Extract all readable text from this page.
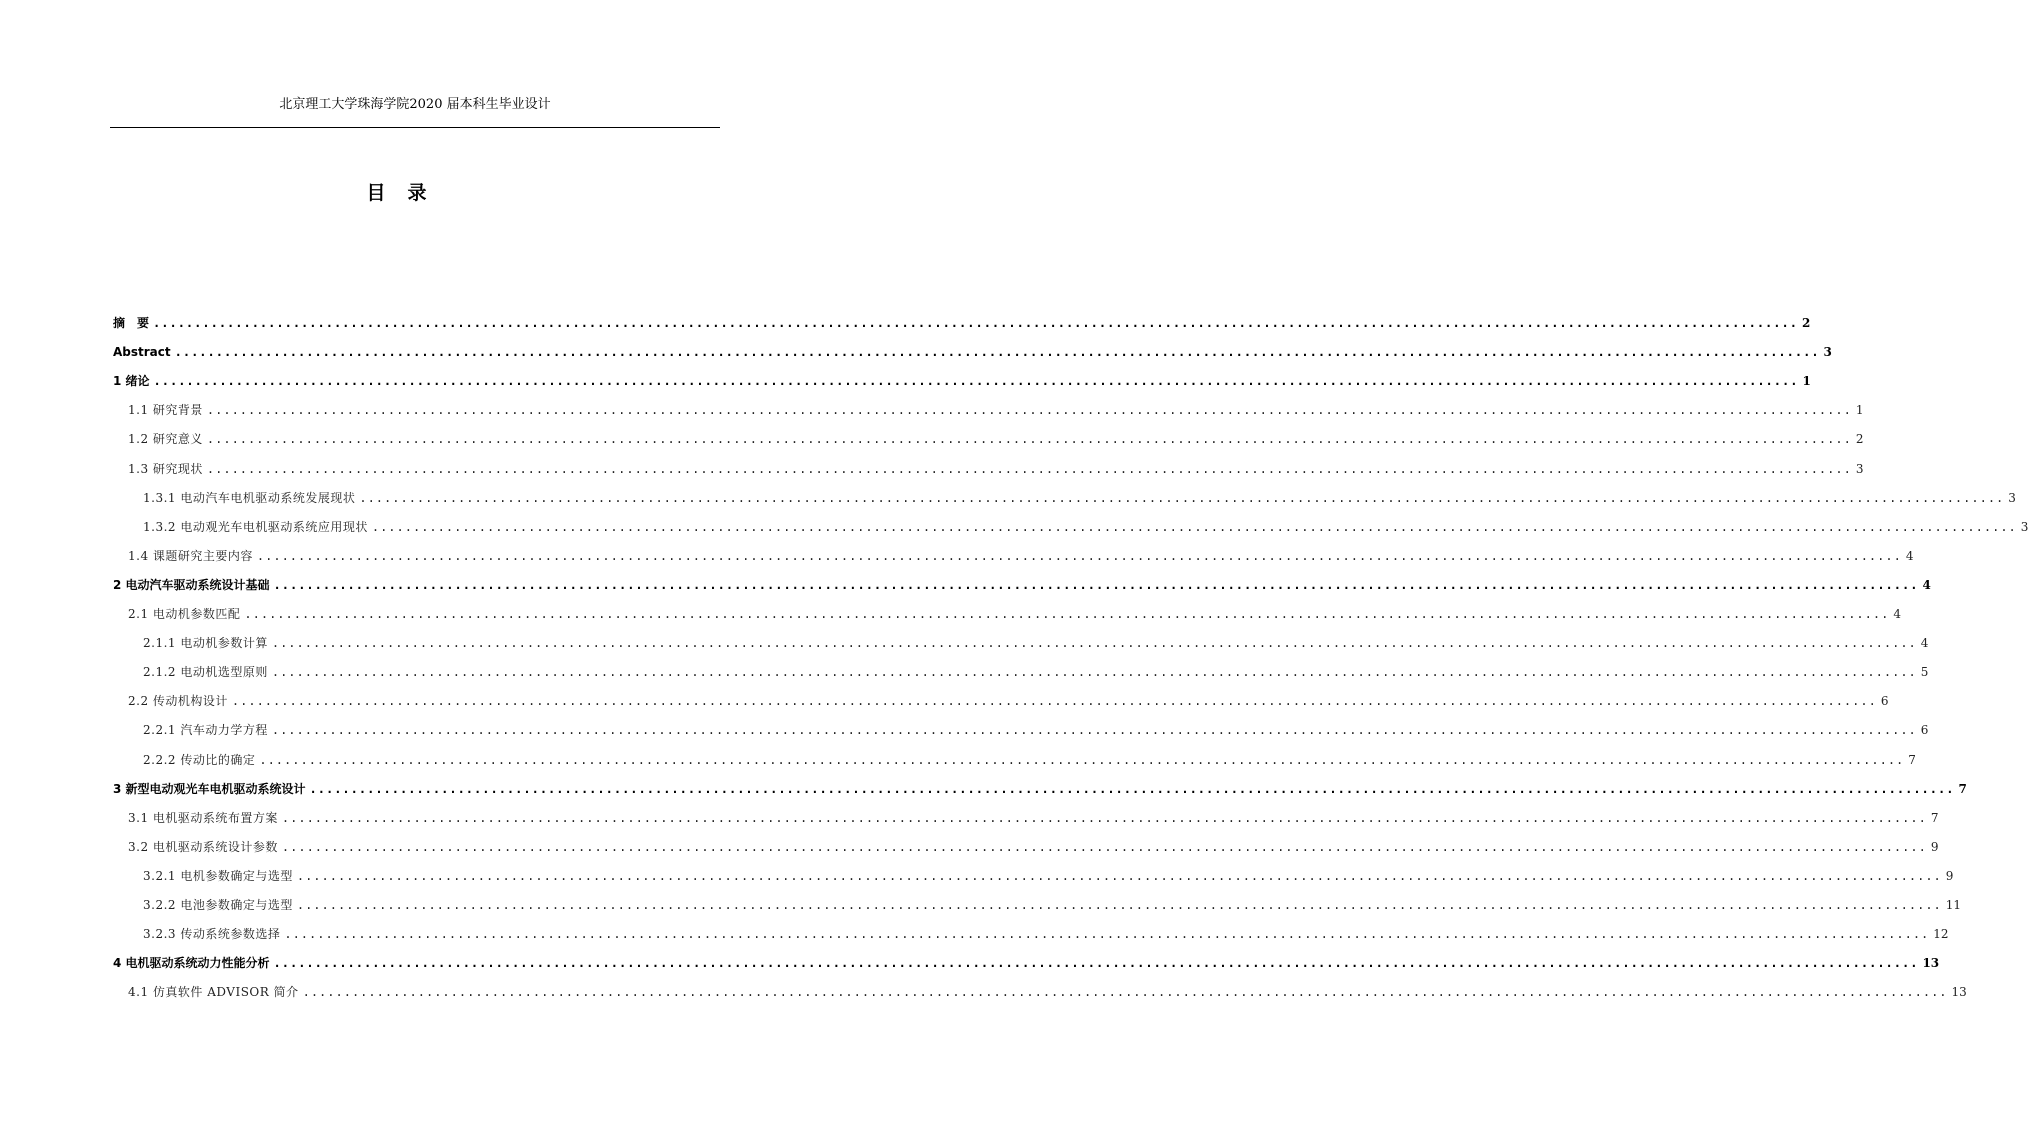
北京理工大学珠海学院2020 届本科生毕业设计
目 录
摘　要 ........................................................................................................................................................................................................ 2
Abstract ........................................................................................................................................................................................................ 3
1 绪论 ........................................................................................................................................................................................................ 1
1.1 研究背景 ........................................................................................................................................................................................................ 1
1.2 研究意义 ........................................................................................................................................................................................................ 2
1.3 研究现状 ........................................................................................................................................................................................................ 3
1.3.1 电动汽车电机驱动系统发展现状 ........................................................................................................................................................................................................ 3
1.3.2 电动观光车电机驱动系统应用现状 ........................................................................................................................................................................................................ 3
1.4 课题研究主要内容 ........................................................................................................................................................................................................ 4
2 电动汽车驱动系统设计基础 ........................................................................................................................................................................................................ 4
2.1 电动机参数匹配 ........................................................................................................................................................................................................ 4
2.1.1 电动机参数计算 ........................................................................................................................................................................................................ 4
2.1.2 电动机选型原则 ........................................................................................................................................................................................................ 5
2.2 传动机构设计 ........................................................................................................................................................................................................ 6
2.2.1 汽车动力学方程 ........................................................................................................................................................................................................ 6
2.2.2 传动比的确定 ........................................................................................................................................................................................................ 7
3 新型电动观光车电机驱动系统设计 ........................................................................................................................................................................................................ 7
3.1 电机驱动系统布置方案 ........................................................................................................................................................................................................ 7
3.2 电机驱动系统设计参数 ........................................................................................................................................................................................................ 9
3.2.1 电机参数确定与选型 ........................................................................................................................................................................................................ 9
3.2.2 电池参数确定与选型 ........................................................................................................................................................................................................ 11
3.2.3 传动系统参数选择 ........................................................................................................................................................................................................ 12
4 电机驱动系统动力性能分析 ........................................................................................................................................................................................................ 13
4.1 仿真软件 ADVISOR 简介 ........................................................................................................................................................................................................ 13
